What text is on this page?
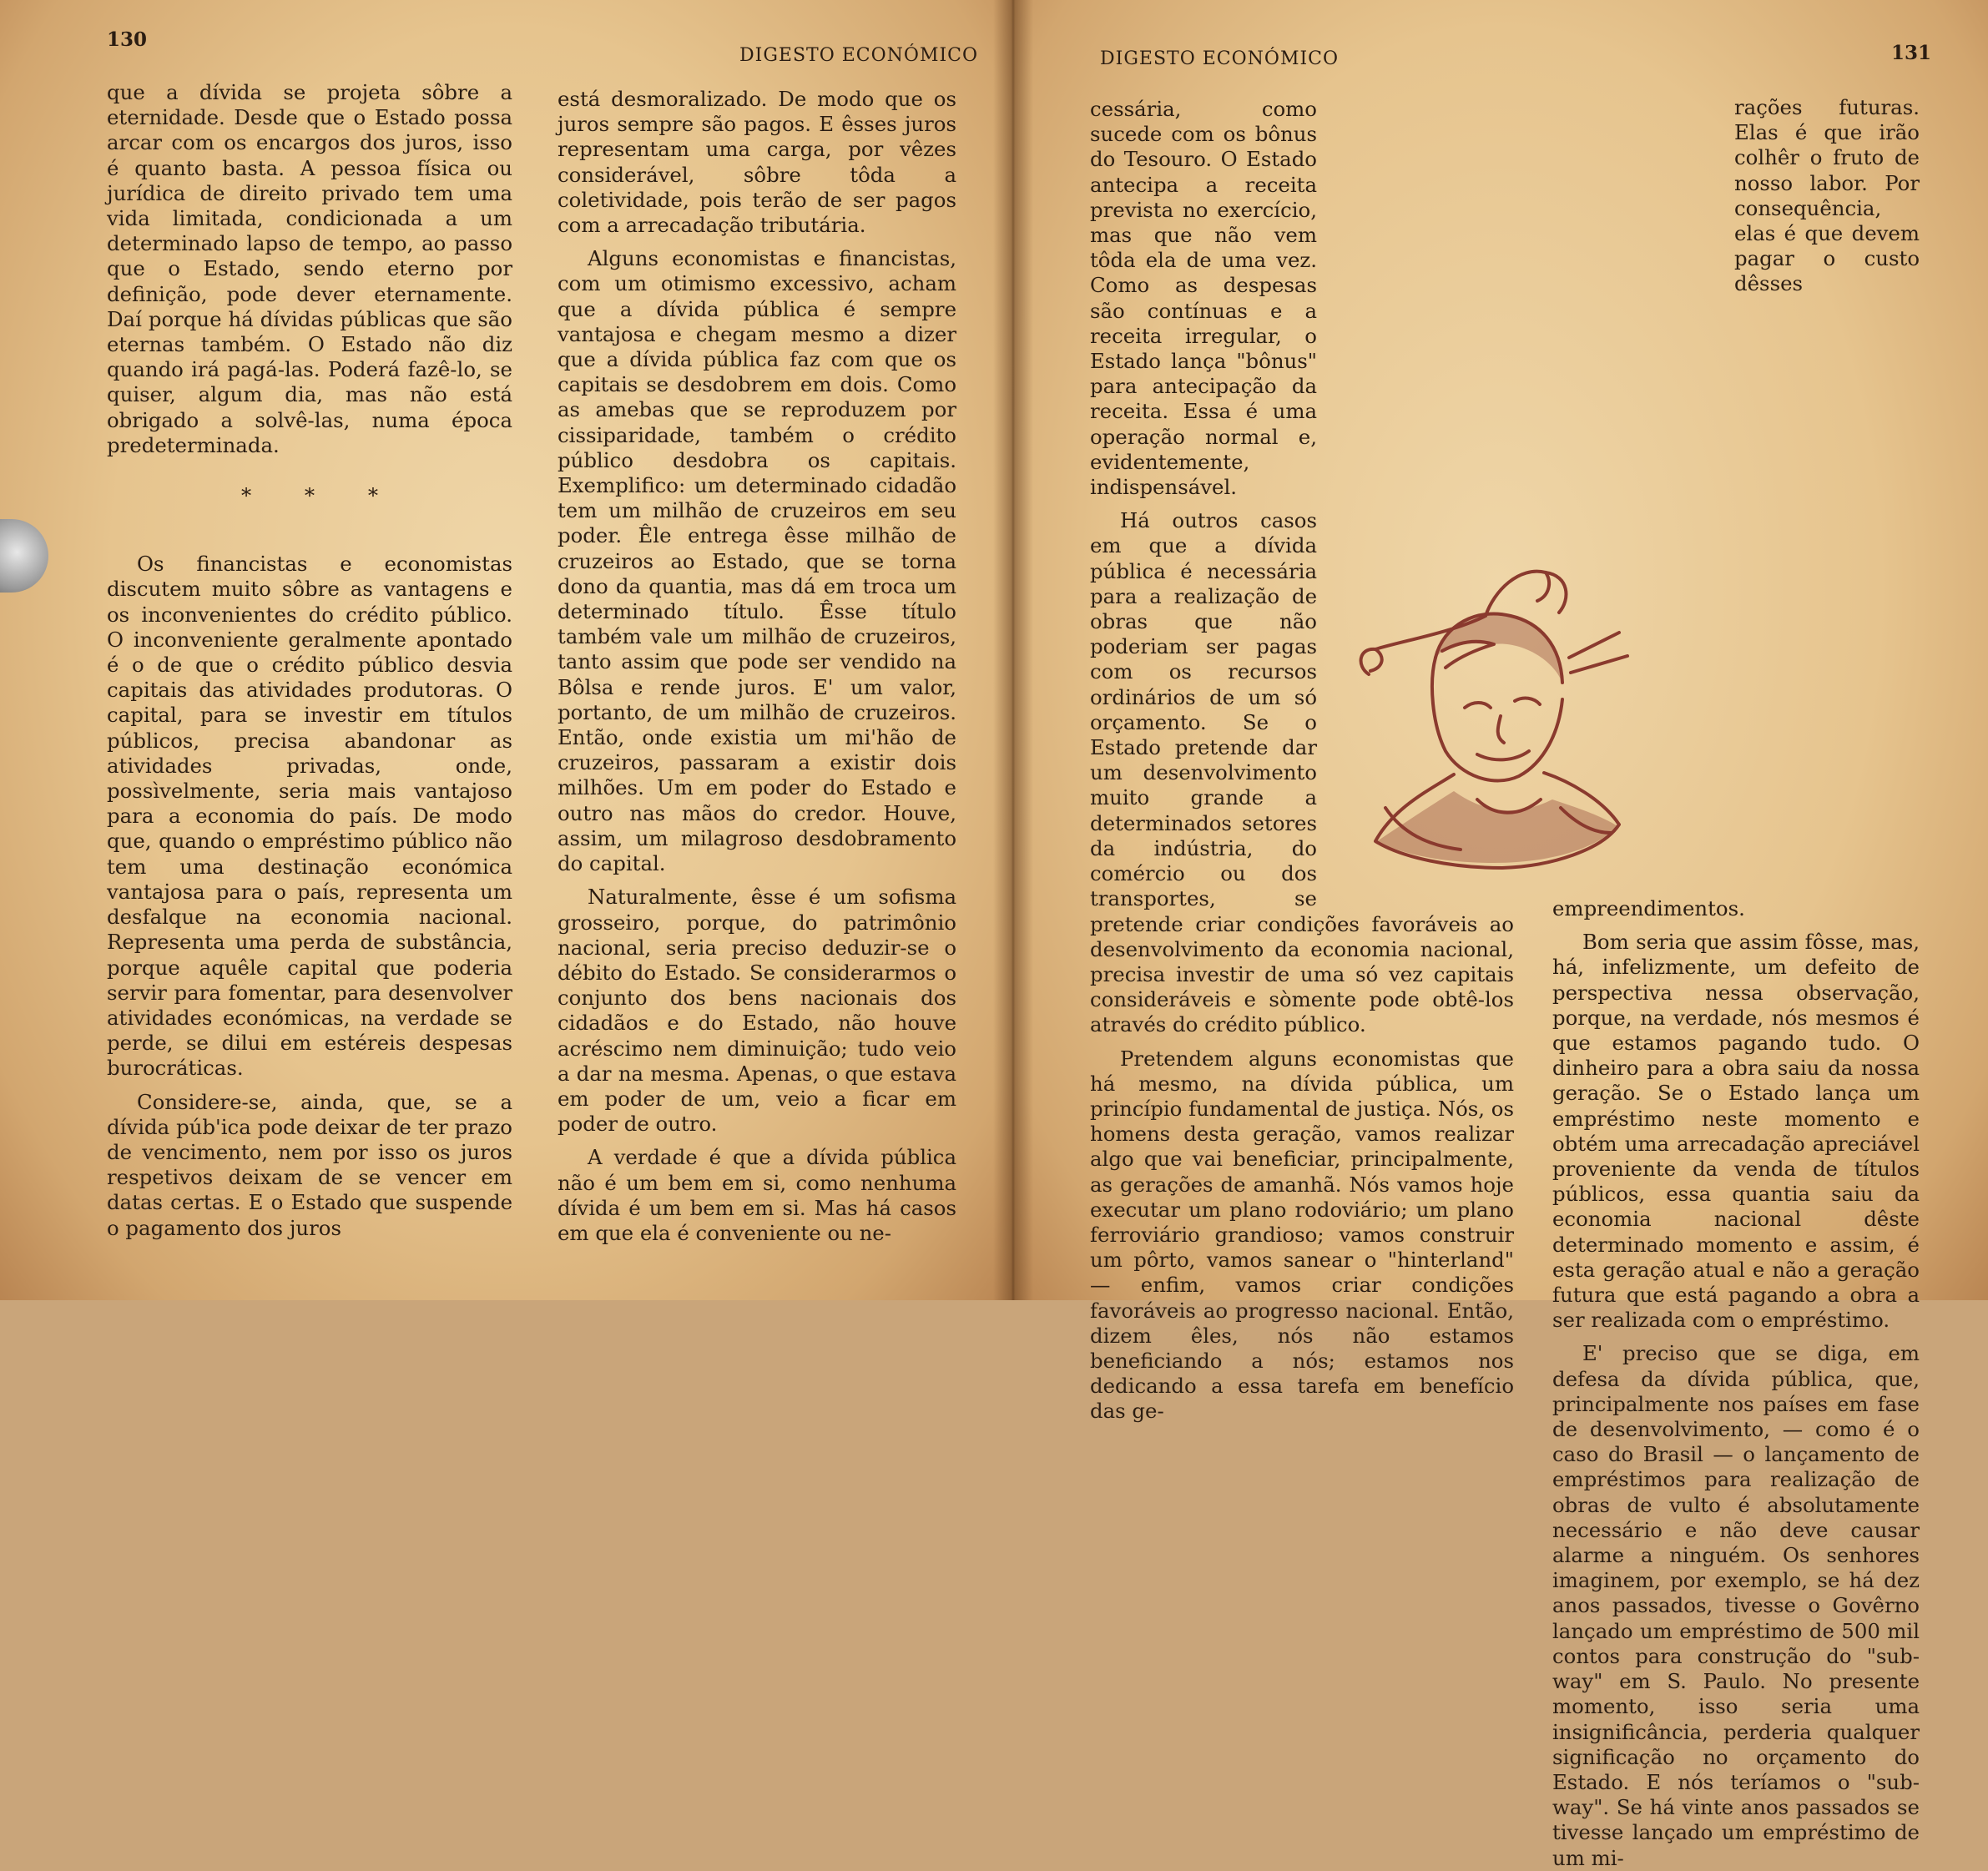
130
DIGESTO ECONÓMICO

que a dívida se projeta sôbre a eternidade. Desde que o Estado possa arcar com os encargos dos juros, isso é quanto basta. A pessoa física ou jurídica de direito privado tem uma vida limitada, condicionada a um determinado lapso de tempo, ao passo que o Estado, sendo eterno por definição, pode dever eternamente. Daí porque há dívidas públicas que são eternas também. O Estado não diz quando irá pagá-las. Poderá fazê-lo, se quiser, algum dia, mas não está obrigado a solvê-las, numa época predeterminada.

* * *

Os financistas e economistas discutem muito sôbre as vantagens e os inconvenientes do crédito público. O inconveniente geralmente apontado é o de que o crédito público desvia capitais das atividades produtoras. O capital, para se investir em títulos públicos, precisa abandonar as atividades privadas, onde, possìvelmente, seria mais vantajoso para a economia do país. De modo que, quando o empréstimo público não tem uma destinação económica vantajosa para o país, representa um desfalque na economia nacional. Representa uma perda de substância, porque aquêle capital que poderia servir para fomentar, para desenvolver atividades económicas, na verdade se perde, se dilui em estéreis despesas burocráticas.

Considere-se, ainda, que, se a dívida púb'ica pode deixar de ter prazo de vencimento, nem por isso os juros respetivos deixam de se vencer em datas certas. E o Estado que suspende o pagamento dos juros

está desmoralizado. De modo que os juros sempre são pagos. E êsses juros representam uma carga, por vêzes considerável, sôbre tôda a coletividade, pois terão de ser pagos com a arrecadação tributária.

Alguns economistas e financistas, com um otimismo excessivo, acham que a dívida pública é sempre vantajosa e chegam mesmo a dizer que a dívida pública faz com que os capitais se desdobrem em dois. Como as amebas que se reproduzem por cissiparidade, também o crédito público desdobra os capitais. Exemplifico: um determinado cidadão tem um milhão de cruzeiros em seu poder. Êle entrega êsse milhão de cruzeiros ao Estado, que se torna dono da quantia, mas dá em troca um determinado título. Êsse título também vale um milhão de cruzeiros, tanto assim que pode ser vendido na Bôlsa e rende juros. E' um valor, portanto, de um milhão de cruzeiros. Então, onde existia um mi'hão de cruzeiros, passaram a existir dois milhões. Um em poder do Estado e outro nas mãos do credor. Houve, assim, um milagroso desdobramento do capital.

Naturalmente, êsse é um sofisma grosseiro, porque, do patrimônio nacional, seria preciso deduzir-se o débito do Estado. Se considerarmos o conjunto dos bens nacionais dos cidadãos e do Estado, não houve acréscimo nem diminuição; tudo veio a dar na mesma. Apenas, o que estava em poder de um, veio a ficar em poder de outro.

A verdade é que a dívida pública não é um bem em si, como nenhuma dívida é um bem em si. Mas há casos em que ela é conveniente ou ne-

DIGESTO ECONÓMICO	131

cessária, como sucede com os bônus do Tesouro. O Estado antecipa a receita prevista no exercício, mas que não vem tôda ela de uma vez. Como as despesas são contínuas e a receita irregular, o Estado lança "bônus" para antecipação da receita. Essa é uma operação normal e, evidentemente, indispensável.

Há outros casos em que a dívida pública é necessária para a realização de obras que não poderiam ser pagas com os recursos ordinários de um só orçamento. Se o Estado pretende dar um desenvolvimento muito grande a determinados setores da indústria, do comércio ou dos transportes, se pretende criar condições favoráveis ao desenvolvimento da economia nacional, precisa investir de uma só vez capitais consideráveis e sòmente pode obtê-los através do crédito público.

Pretendem alguns economistas que há mesmo, na dívida pública, um princípio fundamental de justiça. Nós, os homens desta geração, vamos realizar algo que vai beneficiar, principalmente, as gerações de amanhã. Nós vamos hoje executar um plano rodoviário; um plano ferroviário grandioso; vamos construir um pôrto, vamos sanear o "hinterland" — enfim, vamos criar condições favoráveis ao progresso nacional. Então, dizem êles, nós não estamos beneficiando a nós; estamos nos dedicando a essa tarefa em benefício das ge-

rações futuras. Elas é que irão colhêr o fruto de nosso labor. Por consequência, elas é que devem pagar o custo dêsses empreendimentos.

Bom seria que assim fôsse, mas, há, infelizmente, um defeito de perspectiva nessa observação, porque, na verdade, nós mesmos é que estamos pagando tudo. O dinheiro para a obra saiu da nossa geração. Se o Estado lança um empréstimo neste momento e obtém uma arrecadação apreciável proveniente da venda de títulos públicos, essa quantia saiu da economia nacional dêste determinado momento e assim, é esta geração atual e não a geração futura que está pagando a obra a ser realizada com o empréstimo.

E' preciso que se diga, em defesa da dívida pública, que, principalmente nos países em fase de desenvolvimento, — como é o caso do Brasil — o lançamento de empréstimos para realização de obras de vulto é absolutamente necessário e não deve causar alarme a ninguém. Os senhores imaginem, por exemplo, se há dez anos passados, tivesse o Govêrno lançado um empréstimo de 500 mil contos para construção do "sub-way" em S. Paulo. No presente momento, isso seria uma insignificância, perderia qualquer significação no orçamento do Estado. E nós teríamos o "sub-way". Se há vinte anos passados se tivesse lançado um empréstimo de um mi-
